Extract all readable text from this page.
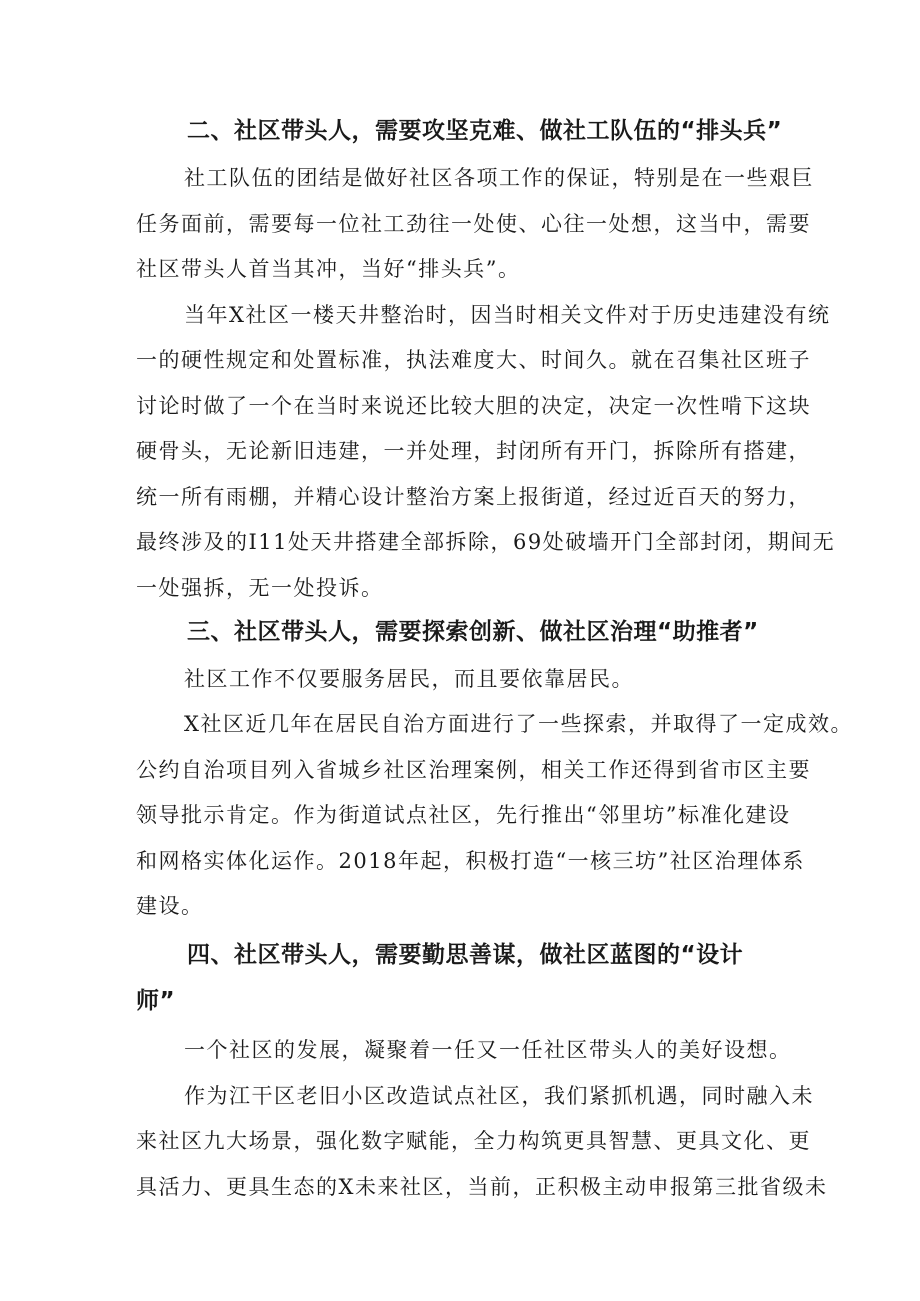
二、社区带头人，需要攻坚克难、做社工队伍的“排头兵”
社工队伍的团结是做好社区各项工作的保证，特别是在一些艰巨
任务面前，需要每一位社工劲往一处使、心往一处想，这当中，需要
社区带头人首当其冲，当好“排头兵”。
当年X社区一楼天井整治时，因当时相关文件对于历史违建没有统
一的硬性规定和处置标准，执法难度大、时间久。就在召集社区班子
讨论时做了一个在当时来说还比较大胆的决定，决定一次性啃下这块
硬骨头，无论新旧违建，一并处理，封闭所有开门，拆除所有搭建，
统一所有雨棚，并精心设计整治方案上报街道，经过近百天的努力，
最终涉及的I11处天井搭建全部拆除，69处破墙开门全部封闭，期间无
一处强拆，无一处投诉。
三、社区带头人，需要探索创新、做社区治理“助推者”
社区工作不仅要服务居民，而且要依靠居民。
X社区近几年在居民自治方面进行了一些探索，并取得了一定成效。
公约自治项目列入省城乡社区治理案例，相关工作还得到省市区主要
领导批示肯定。作为街道试点社区，先行推出“邻里坊”标准化建设
和网格实体化运作。2018年起，积极打造“一核三坊”社区治理体系
建设。
四、社区带头人，需要勤思善谋，做社区蓝图的“设计
师”
一个社区的发展，凝聚着一任又一任社区带头人的美好设想。
作为江干区老旧小区改造试点社区，我们紧抓机遇，同时融入未
来社区九大场景，强化数字赋能，全力构筑更具智慧、更具文化、更
具活力、更具生态的X未来社区，当前，正积极主动申报第三批省级未
